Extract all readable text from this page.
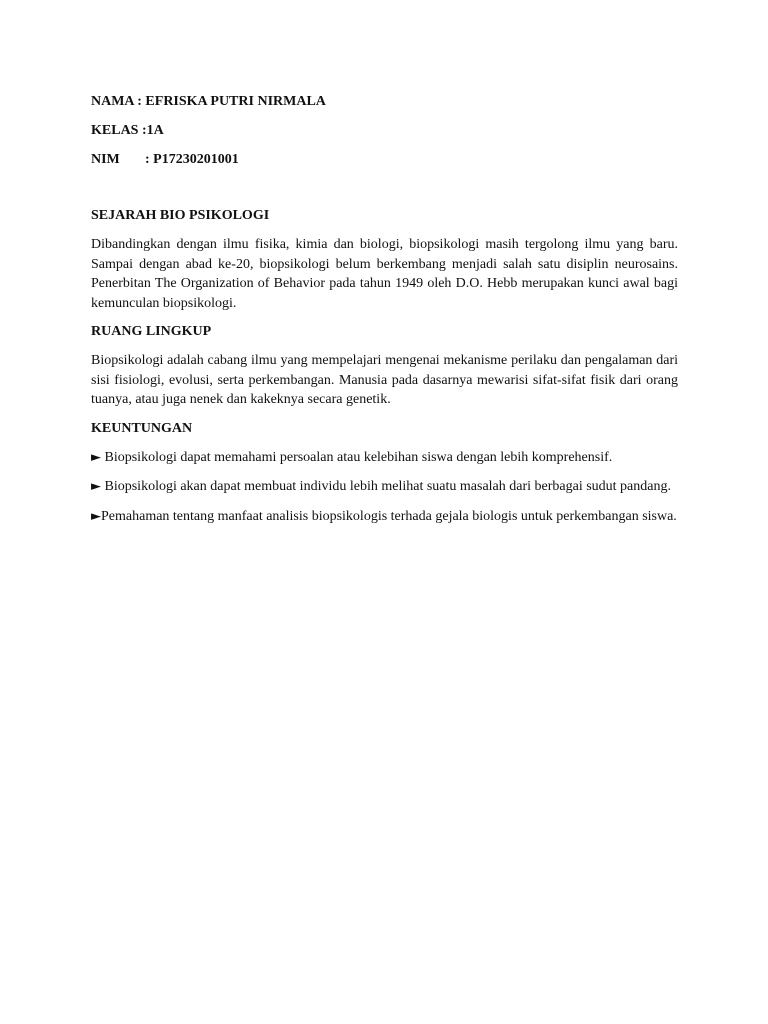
NAMA : EFRISKA PUTRI NIRMALA
KELAS :1A
NIM : P17230201001
SEJARAH BIO PSIKOLOGI

Dibandingkan dengan ilmu fisika, kimia dan biologi, biopsikologi masih tergolong ilmu yang baru. Sampai dengan abad ke-20, biopsikologi belum berkembang menjadi salah satu disiplin neurosains. Penerbitan The Organization of Behavior pada tahun 1949 oleh D.O. Hebb merupakan kunci awal bagi kemunculan biopsikologi.

RUANG LINGKUP

Biopsikologi adalah cabang ilmu yang mempelajari mengenai mekanisme perilaku dan pengalaman dari sisi fisiologi, evolusi, serta perkembangan. Manusia pada dasarnya mewarisi sifat-sifat fisik dari orang tuanya, atau juga nenek dan kakeknya secara genetik.

KEUNTUNGAN

► Biopsikologi dapat memahami persoalan atau kelebihan siswa dengan lebih komprehensif.

► Biopsikologi akan dapat membuat individu lebih melihat suatu masalah dari berbagai sudut pandang.

►Pemahaman tentang manfaat analisis biopsikologis terhada gejala biologis untuk perkembangan siswa.
